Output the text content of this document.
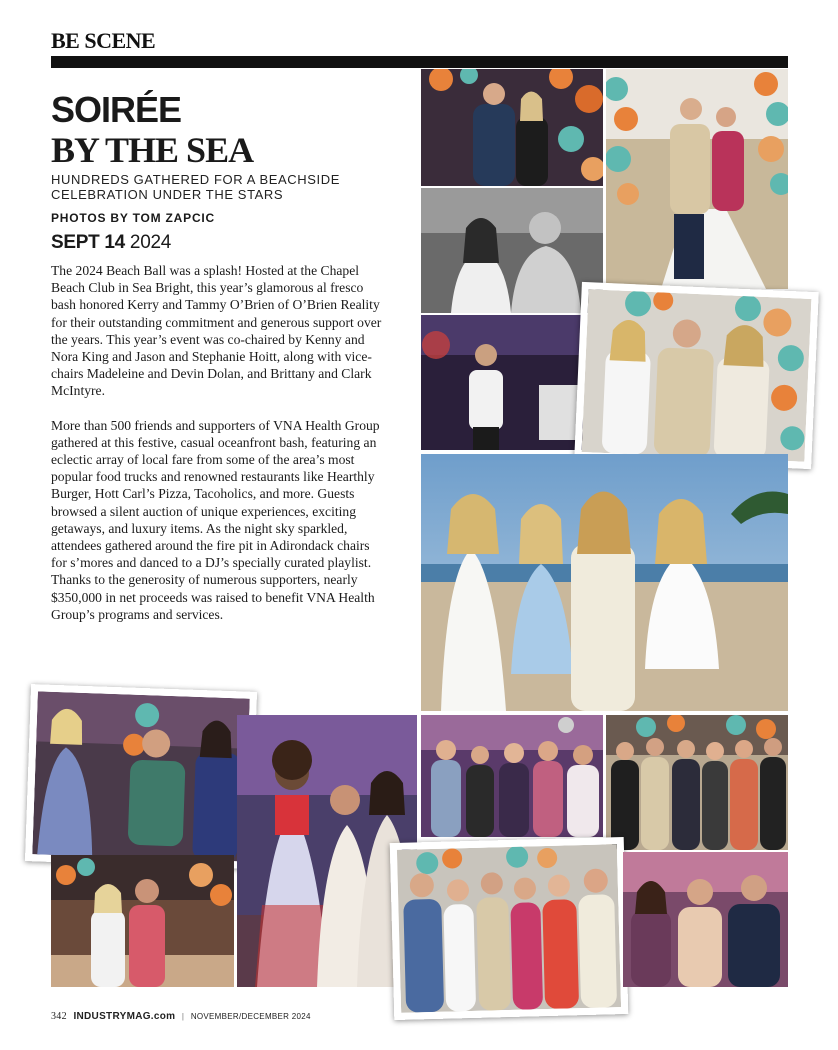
BE SCENE
SOIRÉE
BY THE SEA
HUNDREDS GATHERED FOR A BEACHSIDE CELEBRATION UNDER THE STARS
PHOTOS BY TOM ZAPCIC
SEPT 14 2024

The 2024 Beach Ball was a splash! Hosted at the Chapel Beach Club in Sea Bright, this year’s glamorous al fresco bash honored Kerry and Tammy O’Brien of O’Brien Reality for their outstanding commitment and generous support over the years. This year’s event was co-chaired by Kenny and Nora King and Jason and Stephanie Hoitt, along with vice-chairs Madeleine and Devin Dolan, and Brittany and Clark McIntyre.

More than 500 friends and supporters of VNA Health Group gathered at this festive, casual oceanfront bash, featuring an eclectic array of local fare from some of the area’s most popular food trucks and renowned restaurants like Hearthly Burger, Hott Carl’s Pizza, Tacoholics, and more. Guests browsed a silent auction of unique experiences, exciting getaways, and luxury items. As the night sky sparkled, attendees gathered around the fire pit in Adirondack chairs for s’mores and danced to a DJ’s specially curated playlist. Thanks to the generosity of numerous supporters, nearly $350,000 in net proceeds was raised to benefit VNA Health Group’s programs and services.

342 INDUSTRYMAG.com | NOVEMBER/DECEMBER 2024
